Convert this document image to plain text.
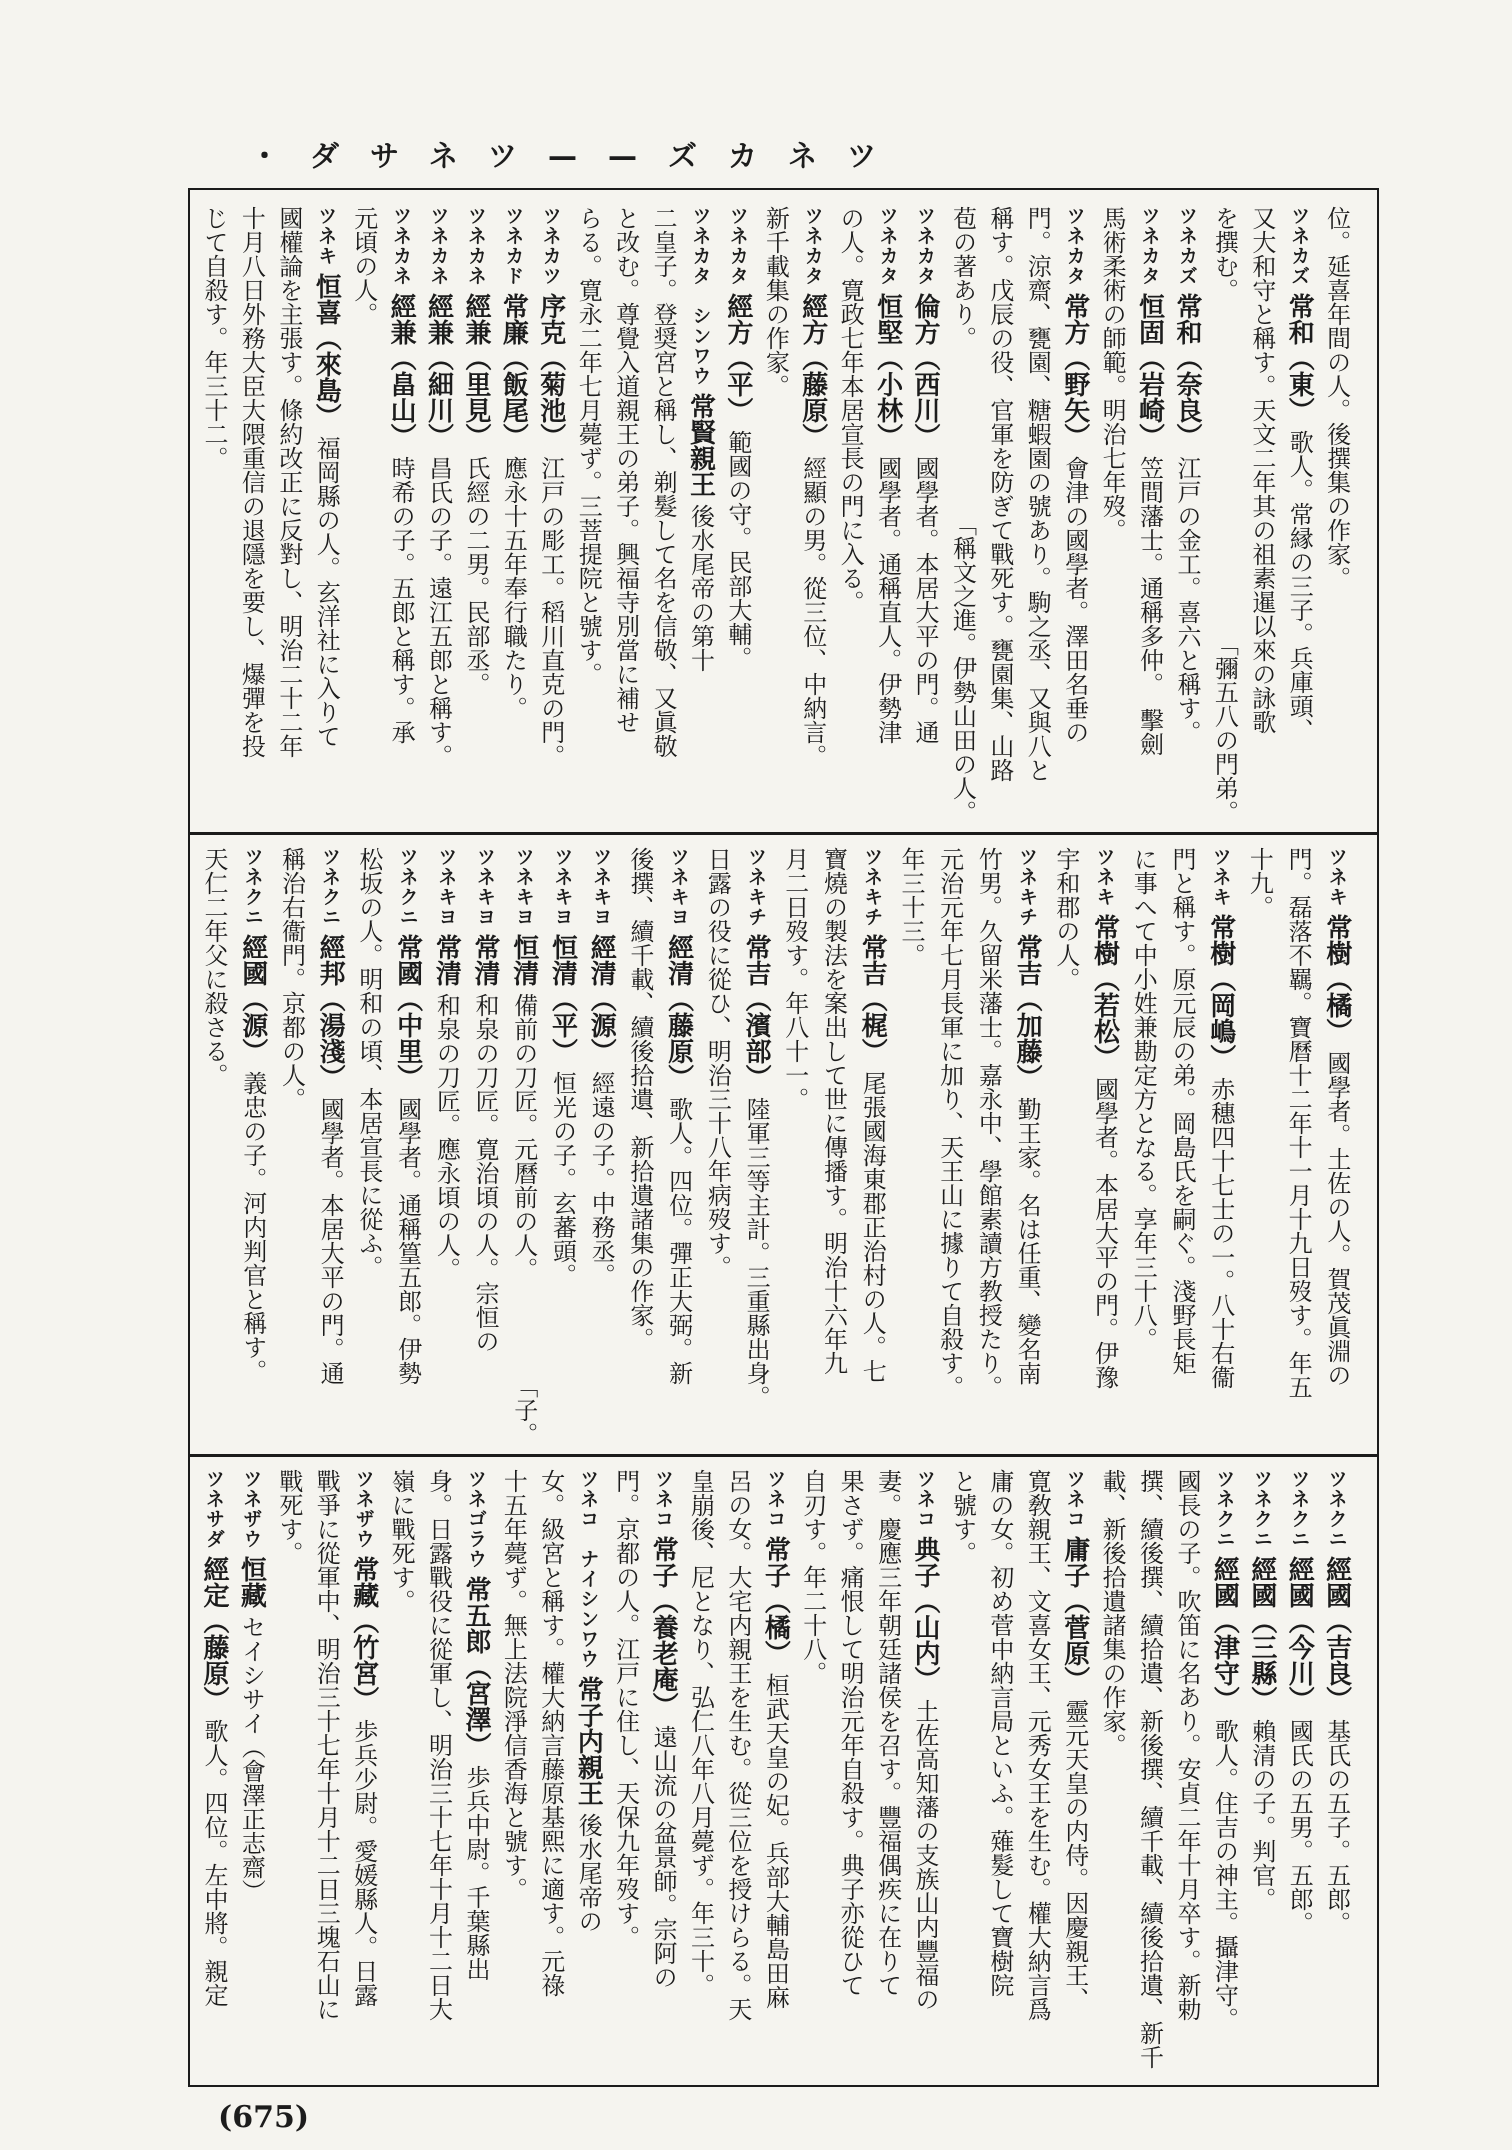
・ダサネツ——ズカネツ
位。延喜年間の人。後撰集の作家。
ツネカズ常和（東）歌人。常縁の三子。兵庫頭、
又大和守と稱す。天文二年其の祖素暹以來の詠歌
を撰む。
「彌五八の門弟。
ツネカズ常和（奈良）江戸の金工。喜六と稱す。
ツネカタ恒固（岩崎）笠間藩士。通稱多仲。　擊劍
馬術柔術の師範。明治七年歿。
ツネカタ常方（野矢）會津の國學者。澤田名垂の
門。涼齋、甕園、糖蝦園の號あり。駒之丞、又與八と
稱す。戊辰の役、官軍を防ぎて戰死す。甕園集、山路
苞の著あり。
「稱文之進。伊勢山田の人。
ツネカタ倫方（西川）國學者。本居大平の門。通
ツネカタ恒堅（小林）國學者。通稱直人。伊勢津
の人。寛政七年本居宣長の門に入る。
ツネカタ經方（藤原）經顯の男。從三位、中納言。
新千載集の作家。
ツネカタ經方（平）範國の守。民部大輔。
ツネカタ　シンワウ常賢親王後水尾帝の第十
二皇子。登奨宮と稱し、剃髮して名を信敬、又眞敬
と改む。尊覺入道親王の弟子。興福寺別當に補せ
らる。寛永二年七月薨ず。三菩提院と號す。
ツネカツ序克（菊池）江戸の彫工。稻川直克の門。
ツネカド常廉（飯尾）應永十五年奉行職たり。
ツネカネ經兼（里見）氏經の二男。民部丞。
ツネカネ經兼（細川）昌氏の子。遠江五郎と稱す。
ツネカネ經兼（畠山）時希の子。五郎と稱す。承
元頃の人。
ツネキ恒喜（來島）福岡縣の人。玄洋社に入りて
國權論を主張す。條約改正に反對し、明治二十二年
十月八日外務大臣大隈重信の退隱を要し、爆彈を投
じて自殺す。年三十二。
ツネキ常樹（橘）國學者。土佐の人。賀茂眞淵の
門。磊落不羈。寶曆十二年十一月十九日歿す。年五
十九。
ツネキ常樹（岡嶋）赤穗四十七士の一。八十右衞
門と稱す。原元辰の弟。岡島氏を嗣ぐ。淺野長矩
に事へて中小姓兼勘定方となる。享年三十八。
ツネキ常樹（若松）國學者。本居大平の門。伊豫
宇和郡の人。
ツネキチ常吉（加藤）勤王家。名は任重、變名南
竹男。久留米藩士。嘉永中、學館素讀方教授たり。
元治元年七月長軍に加り、天王山に據りて自殺す。
年三十三。
ツネキチ常吉（梶）尾張國海東郡正治村の人。七
寶燒の製法を案出して世に傳播す。明治十六年九
月二日歿す。年八十一。
ツネキチ常吉（濱部）陸軍三等主計。三重縣出身。
日露の役に從ひ、明治三十八年病歿す。
ツネキヨ經清（藤原）歌人。四位。彈正大弼。新
後撰、續千載、續後拾遺、新拾遺諸集の作家。
ツネキヨ經清（源）經遠の子。中務丞。
ツネキヨ恒清（平）恒光の子。玄蕃頭。
ツネキヨ恒清備前の刀匠。元曆前の人。
「子。
ツネキヨ常清和泉の刀匠。寛治頃の人。宗恒の
ツネキヨ常清和泉の刀匠。應永頃の人。
ツネクニ常國（中里）國學者。通稱篁五郎。伊勢
松坂の人。明和の頃、本居宣長に從ふ。
ツネクニ經邦（湯淺）國學者。本居大平の門。通
稱治右衞門。京都の人。
ツネクニ經國（源）義忠の子。河内判官と稱す。
天仁二年父に殺さる。
ツネクニ經國（吉良）基氏の五子。五郎。
ツネクニ經國（今川）國氏の五男。五郎。
ツネクニ經國（三縣）賴清の子。判官。
ツネクニ經國（津守）歌人。住吉の神主。攝津守。
國長の子。吹笛に名あり。安貞二年十月卒す。新勅
撰、續後撰、續拾遺、新後撰、續千載、續後拾遺、新千
載、新後拾遺諸集の作家。
ツネコ庸子（菅原）靈元天皇の内侍。因慶親王、
寛敎親王、文喜女王、元秀女王を生む。權大納言爲
庸の女。初め菅中納言局といふ。薙髮して寶樹院
と號す。
ツネコ典子（山内）土佐高知藩の支族山内豐福の
妻。慶應三年朝廷諸侯を召す。豐福偶疾に在りて
果さず。痛恨して明治元年自殺す。典子亦從ひて
自刃す。年二十八。
ツネコ常子（橘）桓武天皇の妃。兵部大輔島田麻
呂の女。大宅内親王を生む。從三位を授けらる。天
皇崩後、尼となり、弘仁八年八月薨ず。年三十。
ツネコ常子（養老庵）遠山流の盆景師。宗阿の
門。京都の人。江戸に住し、天保九年歿す。
ツネコ　ナイシンワウ常子内親王後水尾帝の
女。級宮と稱す。權大納言藤原基熙に適す。元祿
十五年薨ず。無上法院淨信香海と號す。
ツネゴラウ常五郎（宮澤）歩兵中尉。千葉縣出
身。日露戰役に從軍し、明治三十七年十月十二日大
嶺に戰死す。
ツネザウ常藏（竹宮）歩兵少尉。愛媛縣人。日露
戰爭に從軍中、明治三十七年十月十二日三塊石山に
戰死す。
ツネザウ恒藏セイシサイ（會澤正志齋）
ツネサダ經定（藤原）歌人。四位。左中將。親定
(675)
